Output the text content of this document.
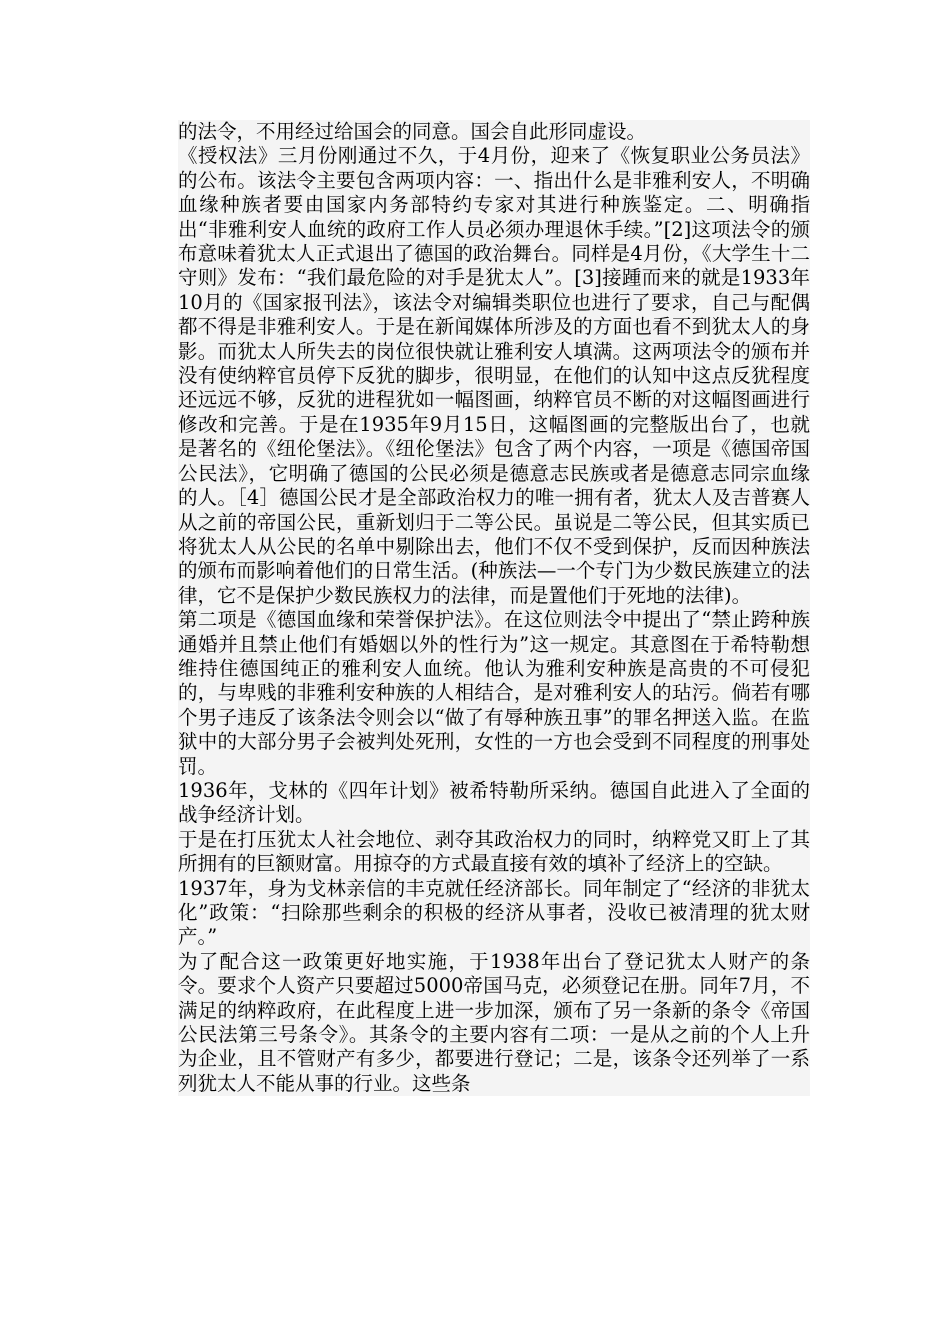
的法令，不用经过给国会的同意。国会自此形同虚设。

《授权法》三月份刚通过不久，于4月份，迎来了《恢复职业公务员法》的公布。该法令主要包含两项内容：一、指出什么是非雅利安人，不明确血缘种族者要由国家内务部特约专家对其进行种族鉴定。二、明确指出“非雅利安人血统的政府工作人员必须办理退休手续。”[2]这项法令的颁布意味着犹太人正式退出了德国的政治舞台。同样是4月份，《大学生十二守则》发布：“我们最危险的对手是犹太人”。[3]接踵而来的就是1933年10月的《国家报刊法》，该法令对编辑类职位也进行了要求，自己与配偶都不得是非雅利安人。于是在新闻媒体所涉及的方面也看不到犹太人的身影。而犹太人所失去的岗位很快就让雅利安人填满。这两项法令的颁布并没有使纳粹官员停下反犹的脚步，很明显，在他们的认知中这点反犹程度还远远不够，反犹的进程犹如一幅图画，纳粹官员不断的对这幅图画进行修改和完善。于是在1935年9月15日，这幅图画的完整版出台了，也就是著名的《纽伦堡法》。《纽伦堡法》包含了两个内容，一项是《德国帝国公民法》，它明确了德国的公民必须是德意志民族或者是德意志同宗血缘的人。［4］德国公民才是全部政治权力的唯一拥有者，犹太人及吉普赛人从之前的帝国公民，重新划归于二等公民。虽说是二等公民，但其实质已将犹太人从公民的名单中剔除出去，他们不仅不受到保护，反而因种族法的颁布而影响着他们的日常生活。(种族法—一个专门为少数民族建立的法律，它不是保护少数民族权力的法律，而是置他们于死地的法律)。

第二项是《德国血缘和荣誉保护法》。在这位则法令中提出了“禁止跨种族通婚并且禁止他们有婚姻以外的性行为”这一规定。其意图在于希特勒想维持住德国纯正的雅利安人血统。他认为雅利安种族是高贵的不可侵犯的，与卑贱的非雅利安种族的人相结合，是对雅利安人的玷污。倘若有哪个男子违反了该条法令则会以“做了有辱种族丑事”的罪名押送入监。在监狱中的大部分男子会被判处死刑，女性的一方也会受到不同程度的刑事处罚。

1936年，戈林的《四年计划》被希特勒所采纳。德国自此进入了全面的战争经济计划。

于是在打压犹太人社会地位、剥夺其政治权力的同时，纳粹党又盯上了其所拥有的巨额财富。用掠夺的方式最直接有效的填补了经济上的空缺。

1937年，身为戈林亲信的丰克就任经济部长。同年制定了“经济的非犹太化”政策：“扫除那些剩余的积极的经济从事者，没收已被清理的犹太财产。”

为了配合这一政策更好地实施，于1938年出台了登记犹太人财产的条令。要求个人资产只要超过5000帝国马克，必须登记在册。同年7月，不满足的纳粹政府，在此程度上进一步加深，颁布了另一条新的条令《帝国公民法第三号条令》。其条令的主要内容有二项：一是从之前的个人上升为企业，且不管财产有多少，都要进行登记；二是，该条令还列举了一系列犹太人不能从事的行业。这些条
